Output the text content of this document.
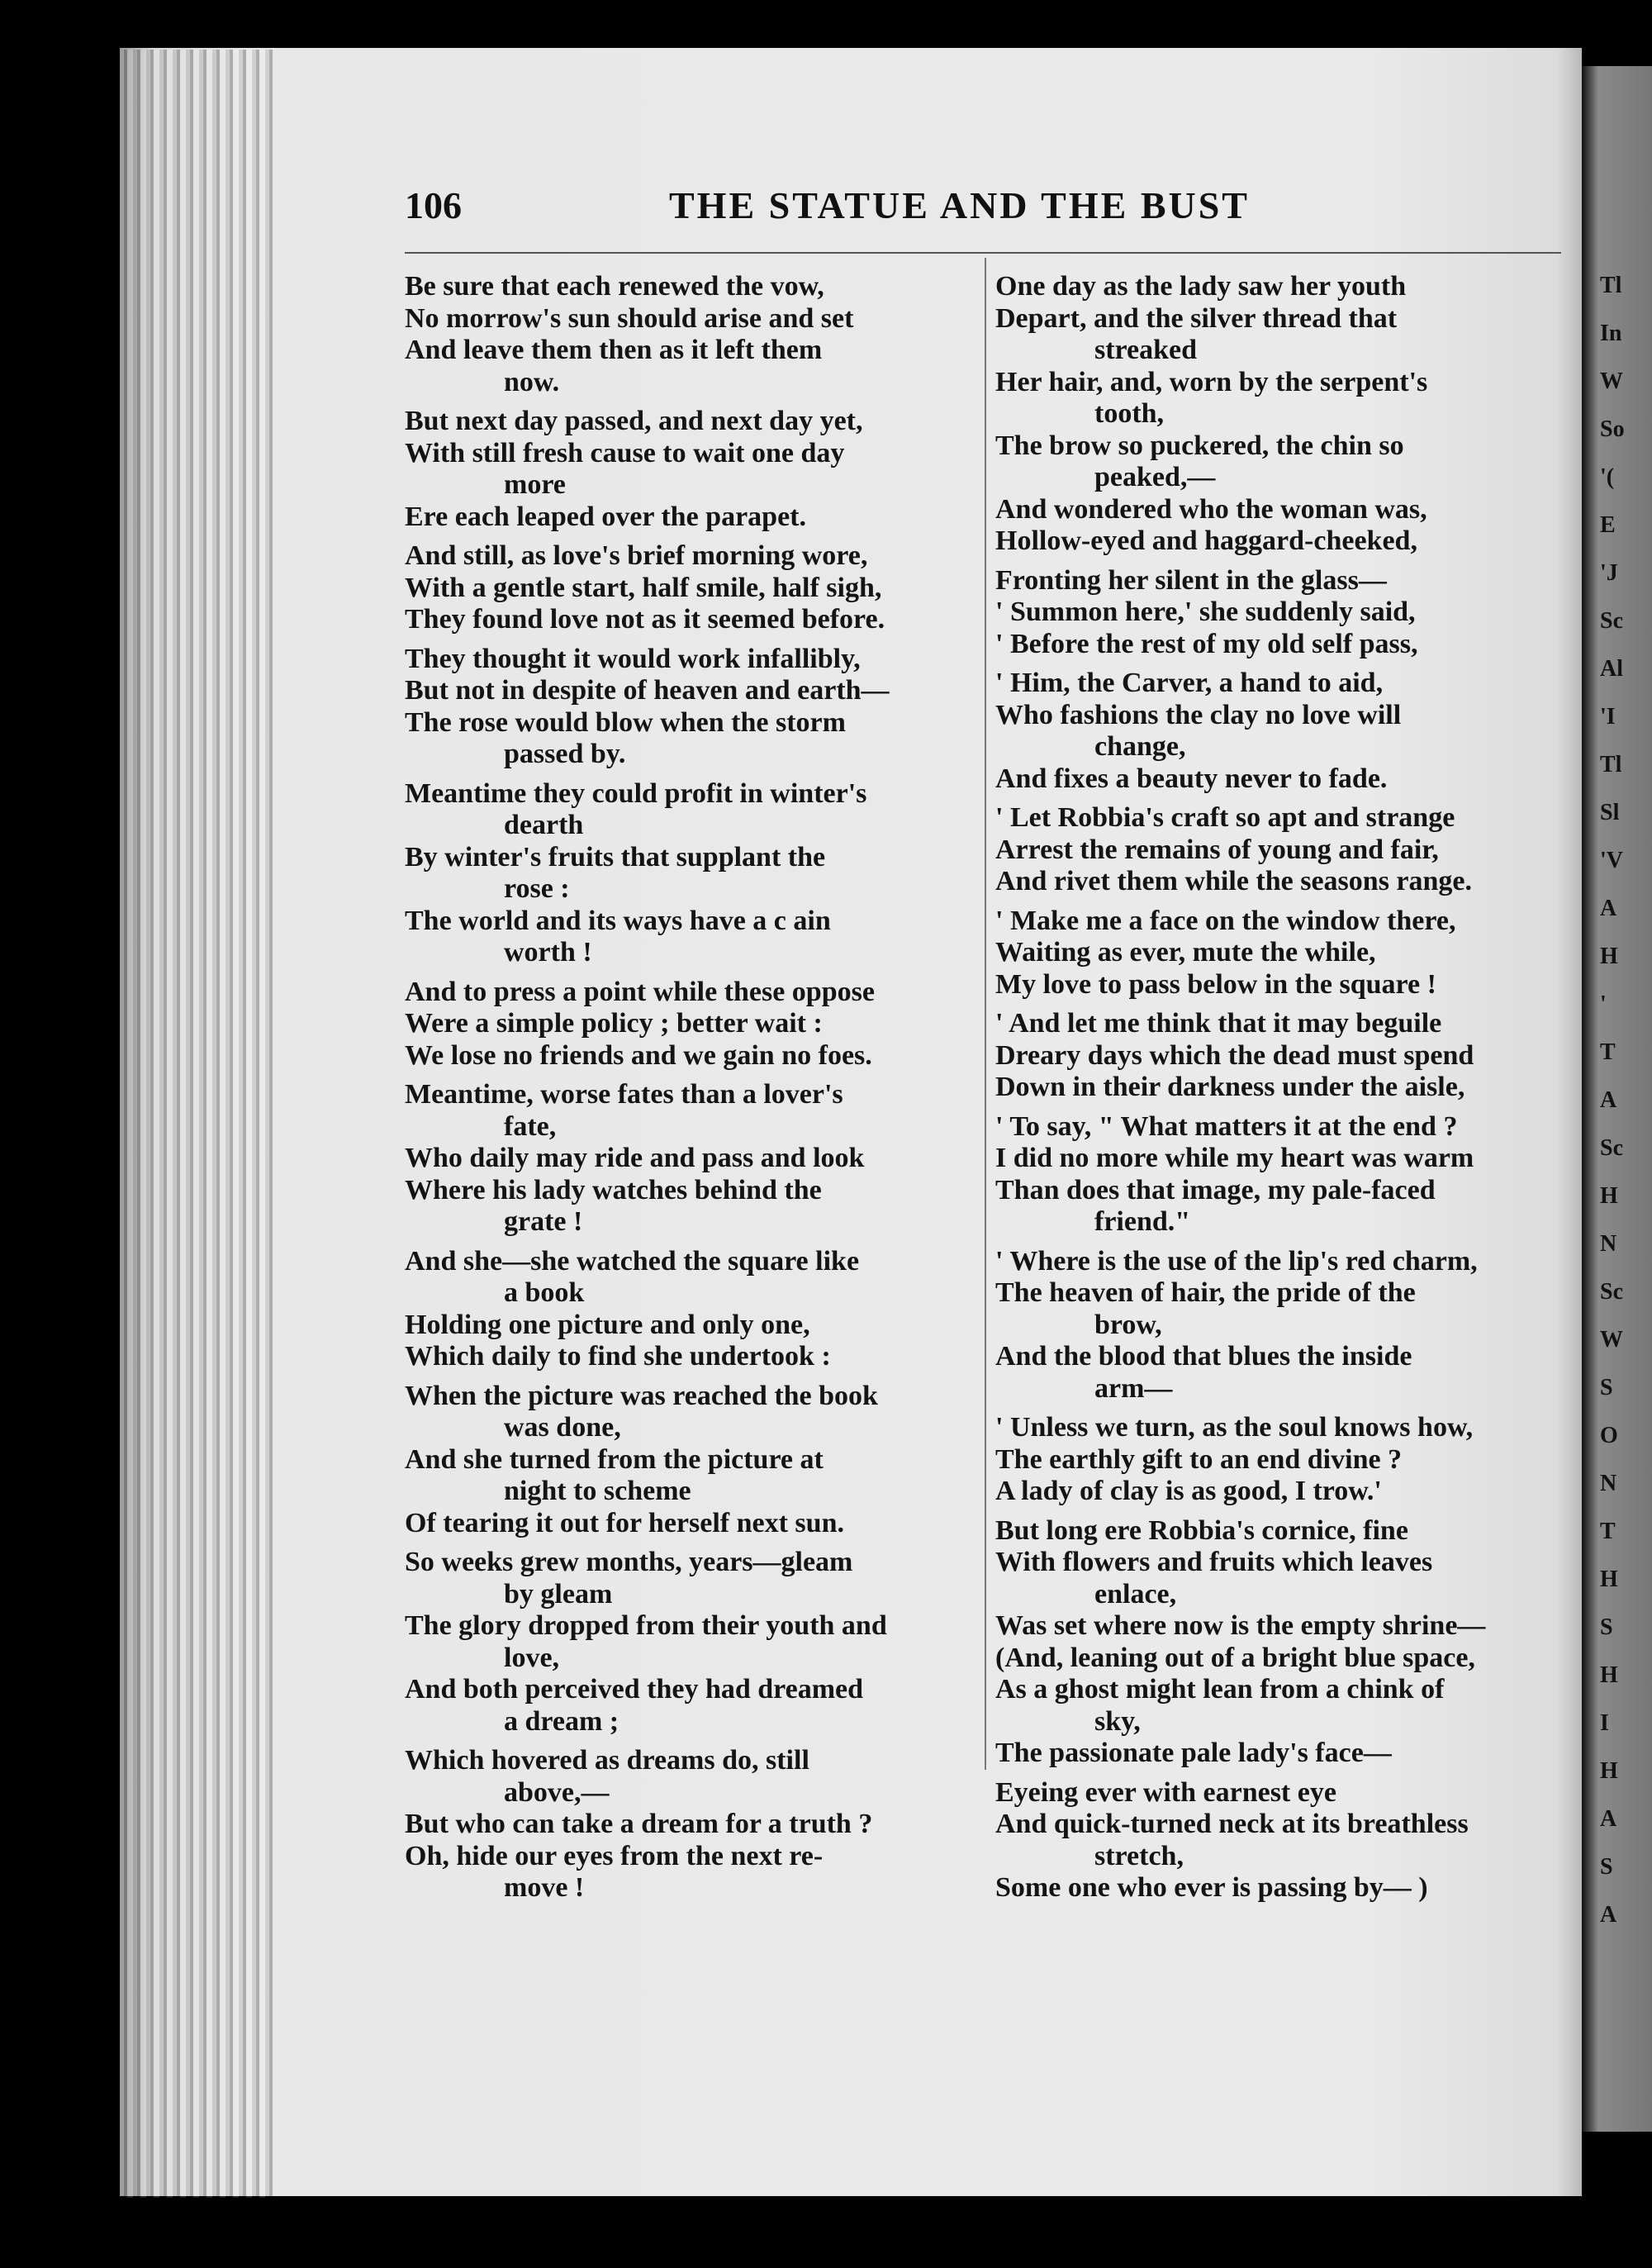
Tl
In
W
So
'(
E
'J
Sc
Al
'I
Tl
Sl
'V
A
H
'
T
A
Sc
H
N
Sc
W
S
O
N
T
H
S
H
I
H
A
S
A
106	THE STATUE AND THE BUST
Be sure that each renewed the vow,
No morrow's sun should arise and set
And leave them then as it left them
now.
But next day passed, and next day yet,
With still fresh cause to wait one day
more
Ere each leaped over the parapet.
And still, as love's brief morning wore,
With a gentle start, half smile, half sigh,
They found love not as it seemed before.
They thought it would work infallibly,
But not in despite of heaven and earth—
The rose would blow when the storm
passed by.
Meantime they could profit in winter's
dearth
By winter's fruits that supplant the
rose :
The world and its ways have a c ain
worth !
And to press a point while these oppose
Were a simple policy ; better wait :
We lose no friends and we gain no foes.
Meantime, worse fates than a lover's
fate,
Who daily may ride and pass and look
Where his lady watches behind the
grate !
And she—she watched the square like
a book
Holding one picture and only one,
Which daily to find she undertook :
When the picture was reached the book
was done,
And she turned from the picture at
night to scheme
Of tearing it out for herself next sun.
So weeks grew months, years—gleam
by gleam
The glory dropped from their youth and
love,
And both perceived they had dreamed
a dream ;
Which hovered as dreams do, still
above,—
But who can take a dream for a truth ?
Oh, hide our eyes from the next re-
move !
One day as the lady saw her youth
Depart, and the silver thread that
streaked
Her hair, and, worn by the serpent's
tooth,
The brow so puckered, the chin so
peaked,—
And wondered who the woman was,
Hollow-eyed and haggard-cheeked,
Fronting her silent in the glass—
' Summon here,' she suddenly said,
' Before the rest of my old self pass,
' Him, the Carver, a hand to aid,
Who fashions the clay no love will
change,
And fixes a beauty never to fade.
' Let Robbia's craft so apt and strange
Arrest the remains of young and fair,
And rivet them while the seasons range.
' Make me a face on the window there,
Waiting as ever, mute the while,
My love to pass below in the square !
' And let me think that it may beguile
Dreary days which the dead must spend
Down in their darkness under the aisle,
' To say, " What matters it at the end ?
I did no more while my heart was warm
Than does that image, my pale-faced
friend."
' Where is the use of the lip's red charm,
The heaven of hair, the pride of the
brow,
And the blood that blues the inside
arm—
' Unless we turn, as the soul knows how,
The earthly gift to an end divine ?
A lady of clay is as good, I trow.'
But long ere Robbia's cornice, fine
With flowers and fruits which leaves
enlace,
Was set where now is the empty shrine—
(And, leaning out of a bright blue space,
As a ghost might lean from a chink of
sky,
The passionate pale lady's face—
Eyeing ever with earnest eye
And quick-turned neck at its breathless
stretch,
Some one who ever is passing by— )
